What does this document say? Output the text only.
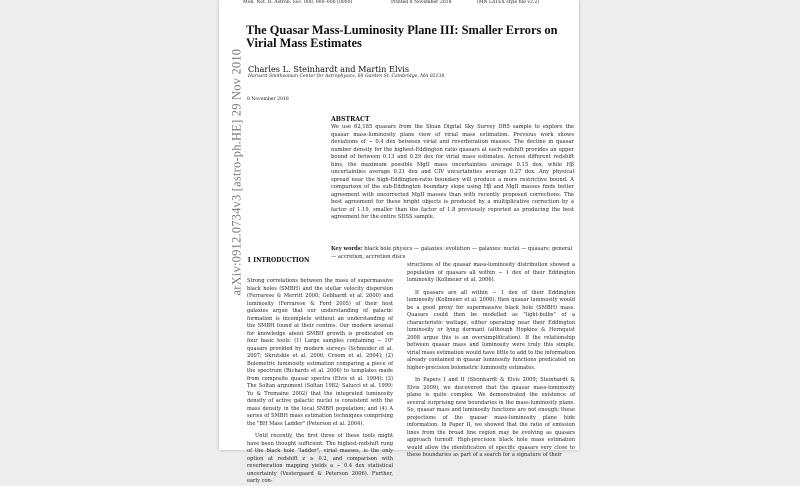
Mon. Not. R. Astron. Soc. 000, 000–000 (0000)	Printed 8 November 2018	(MN LATEX style file v2.2)
arXiv:0912.0734v3 [astro-ph.HE] 29 Nov 2010
The Quasar Mass-Luminosity Plane III: Smaller Errors on Virial Mass Estimates
Charles L. Steinhardt and Martin Elvis
Harvard-Smithsonian Center for Astrophysics, 60 Garden St, Cambridge, MA 02138
8 November 2018
ABSTRACT
We use 62,185 quasars from the Sloan Digital Sky Survey DR5 sample to explore the quasar mass-luminosity plane view of virial mass estimation. Previous work shows deviations of ∼ 0.4 dex between virial and reverberation masses. The decline in quasar number density for the highest-Eddington ratio quasars at each redshift provides an upper bound of between 0.13 and 0.29 dex for virial mass estimates. Across different redshift bins, the maximum possible MgII mass uncertainties average 0.15 dex, while Hβ uncertainties average 0.21 dex and CIV uncertainties average 0.27 dex. Any physical spread near the high-Eddington-ratio boundary will produce a more restrictive bound. A comparison of the sub-Eddington boundary slope using Hβ and MgII masses finds better agreement with uncorrected MgII masses than with recently proposed corrections. The best agreement for these bright objects is produced by a multiplicative correction by a factor of 1.19, smaller than the factor of 1.8 previously reported as producing the best agreement for the entire SDSS sample.
Key words: black hole physics — galaxies: evolution — galaxies: nuclei — quasars: general — accretion, accretion discs
1 INTRODUCTION

Strong correlations between the mass of supermassive black holes (SMBH) and the stellar velocity dispersion (Ferrarese & Merritt 2000; Gebhardt et al. 2000) and luminosity (Ferrarese & Ford 2005) of their host galaxies argue that our understanding of galactic formation is incomplete without an understanding of the SMBH found at their centres. Our modern arsenal for knowledge about SMBH growth is predicated on four basic tools: (1) Large samples containing ∼ 10⁵ quasars provided by modern surveys (Schneider et al. 2007; Skrutskie et al. 2006; Croom et al. 2004); (2) Bolometric luminosity estimation comparing a piece of the spectrum (Richards et al. 2006) to templates made from composite quasar spectra (Elvis et al. 1994); (3) The Soltan argument (Soltan 1982; Salucci et al. 1999; Yu & Tremaine 2002) that the integrated luminosity density of active galactic nuclei is consistent with the mass density in the local SMBH population; and (4) A series of SMBH mass estimation techniques comprising the "BH Mass Ladder" (Peterson et al. 2004).

Until recently, the first three of these tools might have been thought sufficient. The highest-redshift rung of the black hole "ladder", virial masses, is the only option at redshift z ≳ 0.2, and comparison with reverberation mapping yields a ∼ 0.4 dex statistical uncertainty (Vestergaard & Peterson 2006). Further, early con-

structions of the quasar mass-luminosity distribution showed a population of quasars all within ∼ 1 dex of their Eddington luminosity (Kollmeier et al. 2006).

If quasars are all within ∼ 1 dex of their Eddington luminosity (Kollmeier et al. 2006), then quasar luminosity would be a good proxy for supermassive black hole (SMBH) mass. Quasars could then be modelled as "light-bulbs" of a characteristic wattage, either operating near their Eddington luminosity or lying dormant (although Hopkins & Hernquist 2008 argue this is an oversimplification). If the relationship between quasar mass and luminosity were truly this simple, virial mass estimation would have little to add to the information already contained in quasar luminosity functions predicated on higher-precision bolometric luminosity estimates.

In Papers I and II (Steinhardt & Elvis 2009; Steinhardt & Elvis 2009), we discovered that the quasar mass-luminosity plane is quite complex. We demonstrated the existence of several surprising new boundaries in the mass-luminosity plane. So, quasar mass and luminosity functions are not enough; these projections of the quasar mass-luminosity plane hide information. In Paper II, we showed that the ratio of emission lines from the broad line region may be evolving as quasars approach turnoff. High-precision black hole mass estimation would allow the identification of specific quasars very close to these boundaries as part of a search for a signature of their
